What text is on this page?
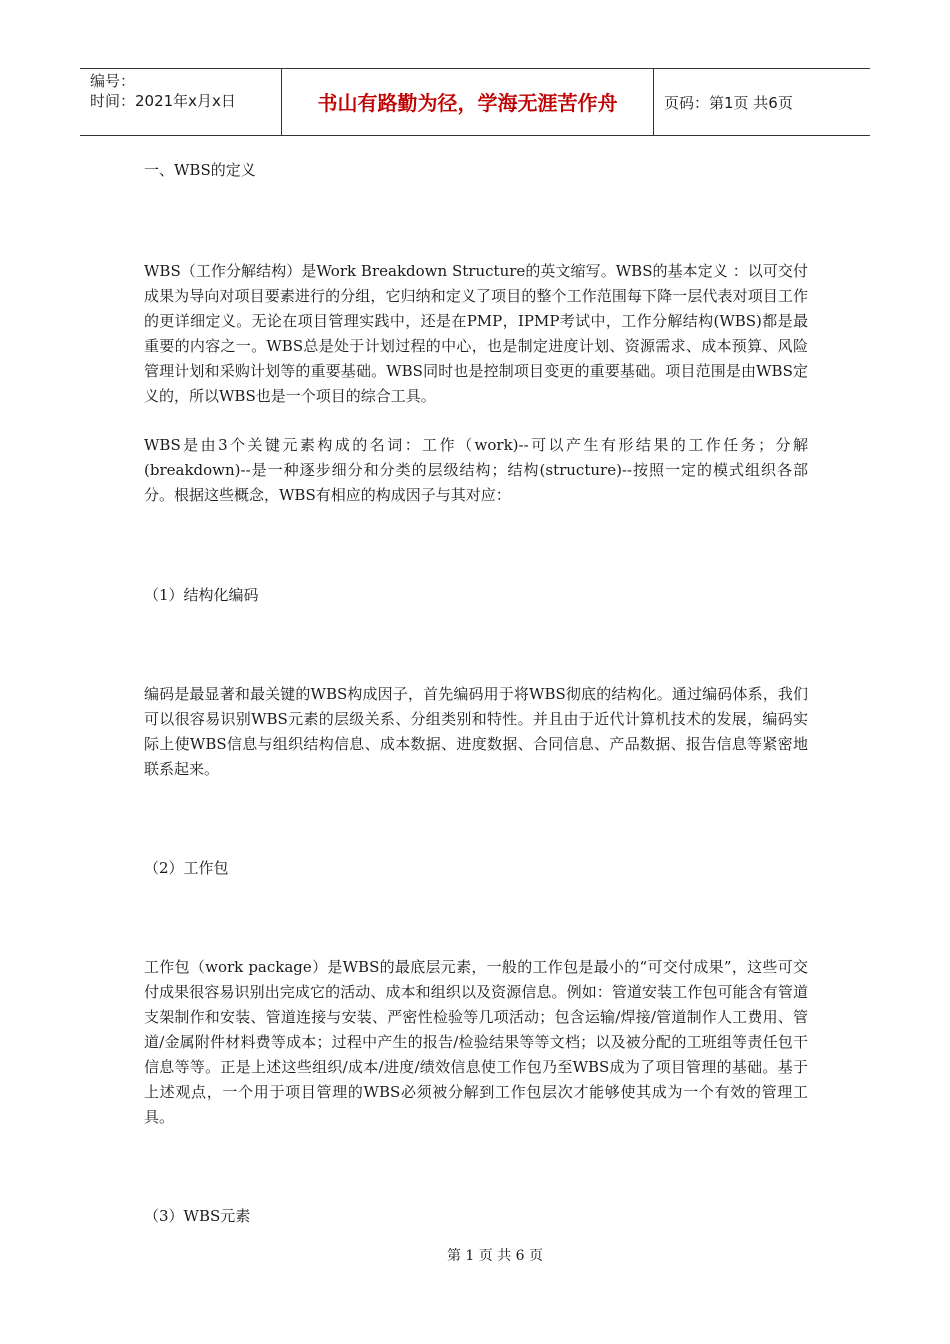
编号：
时间：2021年x月x日	书山有路勤为径，学海无涯苦作舟	页码：第1页 共6页
一、WBS的定义
WBS（工作分解结构）是Work Breakdown Structure的英文缩写。WBS的基本定义 ：以可交付成果为导向对项目要素进行的分组，它归纳和定义了项目的整个工作范围每下降一层代表对项目工作的更详细定义。无论在项目管理实践中，还是在PMP，IPMP考试中，工作分解结构(WBS)都是最重要的内容之一。WBS总是处于计划过程的中心，也是制定进度计划、资源需求、成本预算、风险管理计划和采购计划等的重要基础。WBS同时也是控制项目变更的重要基础。项目范围是由WBS定义的，所以WBS也是一个项目的综合工具。
WBS是由3个关键元素构成的名词：工作（work)--可以产生有形结果的工作任务；分解(breakdown)--是一种逐步细分和分类的层级结构；结构(structure)--按照一定的模式组织各部分。根据这些概念，WBS有相应的构成因子与其对应：
（1）结构化编码
编码是最显著和最关键的WBS构成因子，首先编码用于将WBS彻底的结构化。通过编码体系，我们可以很容易识别WBS元素的层级关系、分组类别和特性。并且由于近代计算机技术的发展，编码实际上使WBS信息与组织结构信息、成本数据、进度数据、合同信息、产品数据、报告信息等紧密地联系起来。
（2）工作包
工作包（work package）是WBS的最底层元素，一般的工作包是最小的“可交付成果”，这些可交付成果很容易识别出完成它的活动、成本和组织以及资源信息。例如：管道安装工作包可能含有管道支架制作和安装、管道连接与安装、严密性检验等几项活动；包含运输/焊接/管道制作人工费用、管道/金属附件材料费等成本；过程中产生的报告/检验结果等等文档；以及被分配的工班组等责任包干信息等等。正是上述这些组织/成本/进度/绩效信息使工作包乃至WBS成为了项目管理的基础。基于上述观点，一个用于项目管理的WBS必须被分解到工作包层次才能够使其成为一个有效的管理工具。
（3）WBS元素
第 1 页 共 6 页
